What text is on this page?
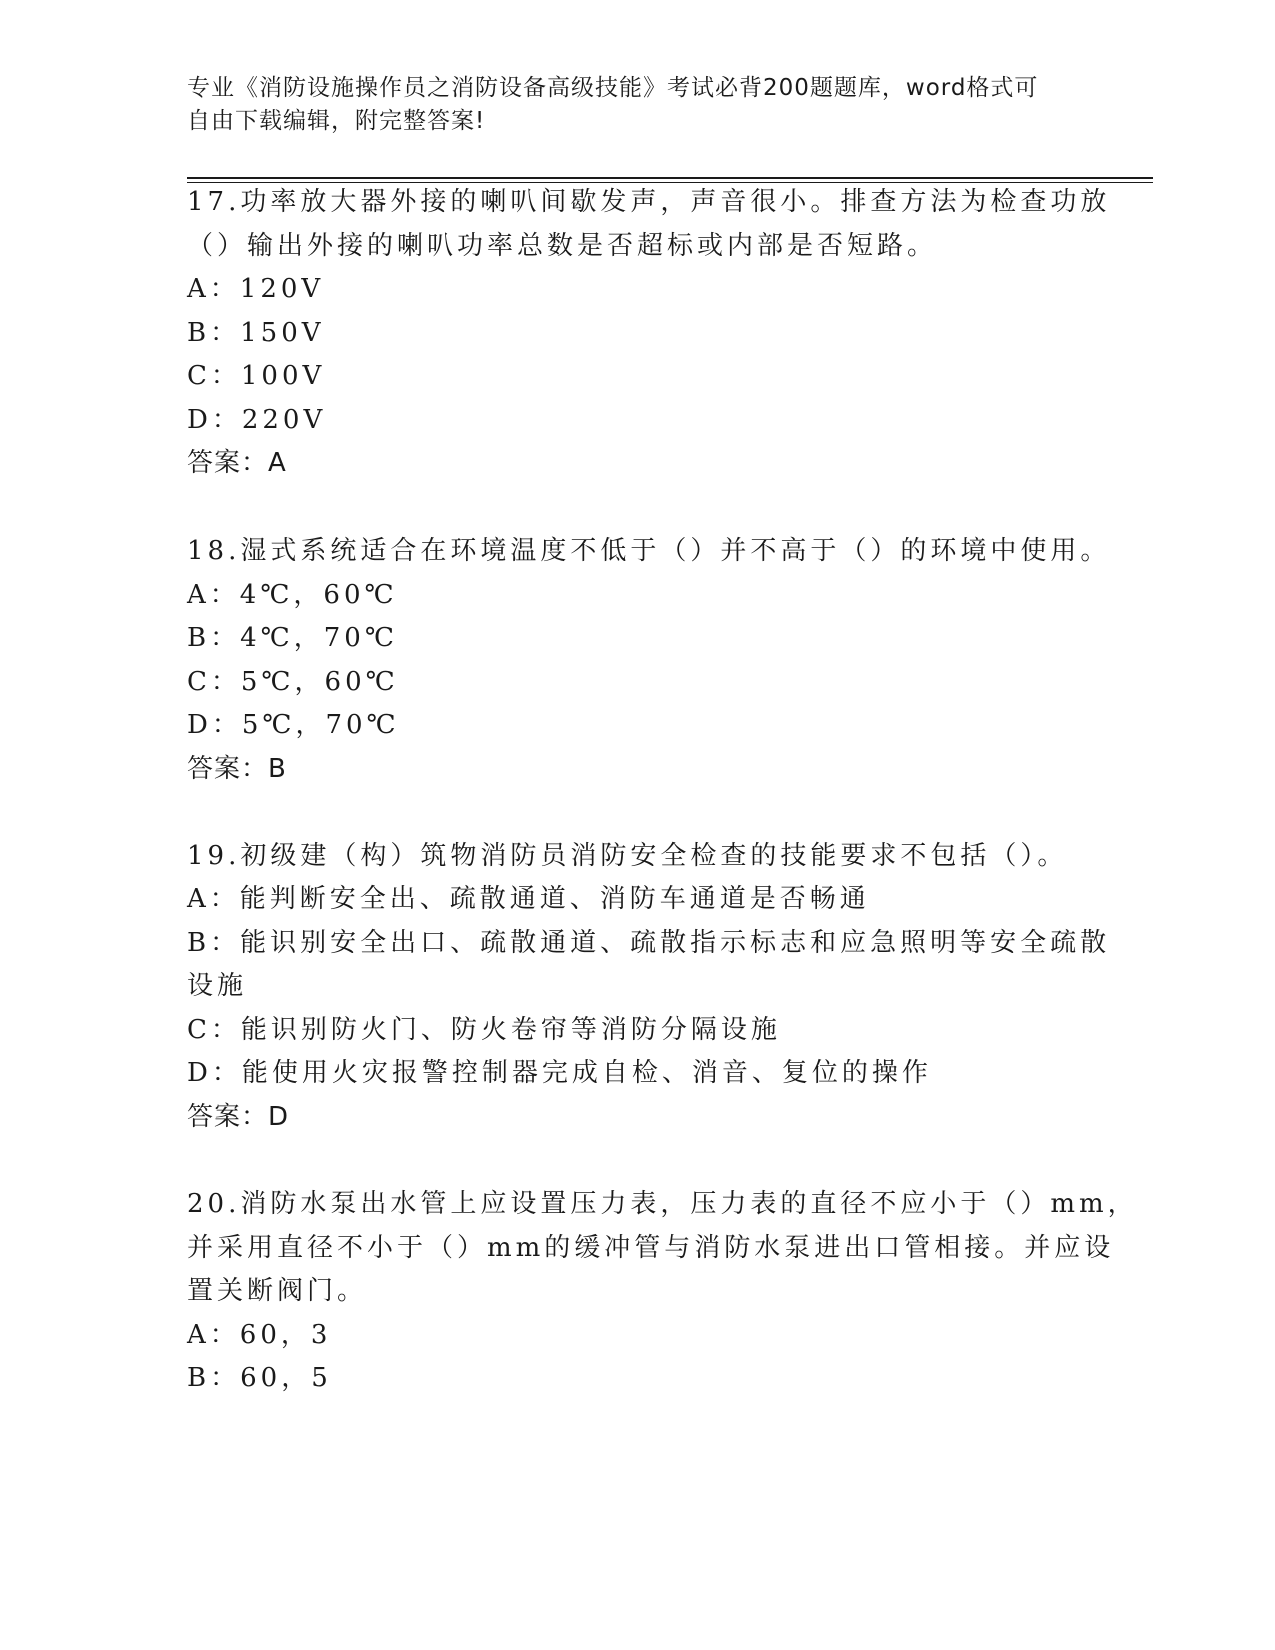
专业《消防设施操作员之消防设备高级技能》考试必背200题题库，word格式可
自由下载编辑，附完整答案!
17.功率放大器外接的喇叭间歇发声，声音很小。排查方法为检查功放
（）输出外接的喇叭功率总数是否超标或内部是否短路。
A：120V
B：150V
C：100V
D：220V
答案：A
18.湿式系统适合在环境温度不低于（）并不高于（）的环境中使用。
A：4℃，60℃
B：4℃，70℃
C：5℃，60℃
D：5℃，70℃
答案：B
19.初级建（构）筑物消防员消防安全检查的技能要求不包括（）。
A：能判断安全出、疏散通道、消防车通道是否畅通
B：能识别安全出口、疏散通道、疏散指示标志和应急照明等安全疏散
设施
C：能识别防火门、防火卷帘等消防分隔设施
D：能使用火灾报警控制器完成自检、消音、复位的操作
答案：D
20.消防水泵出水管上应设置压力表，压力表的直径不应小于（）mm，
并采用直径不小于（）mm的缓冲管与消防水泵进出口管相接。并应设
置关断阀门。
A：60，3
B：60，5
